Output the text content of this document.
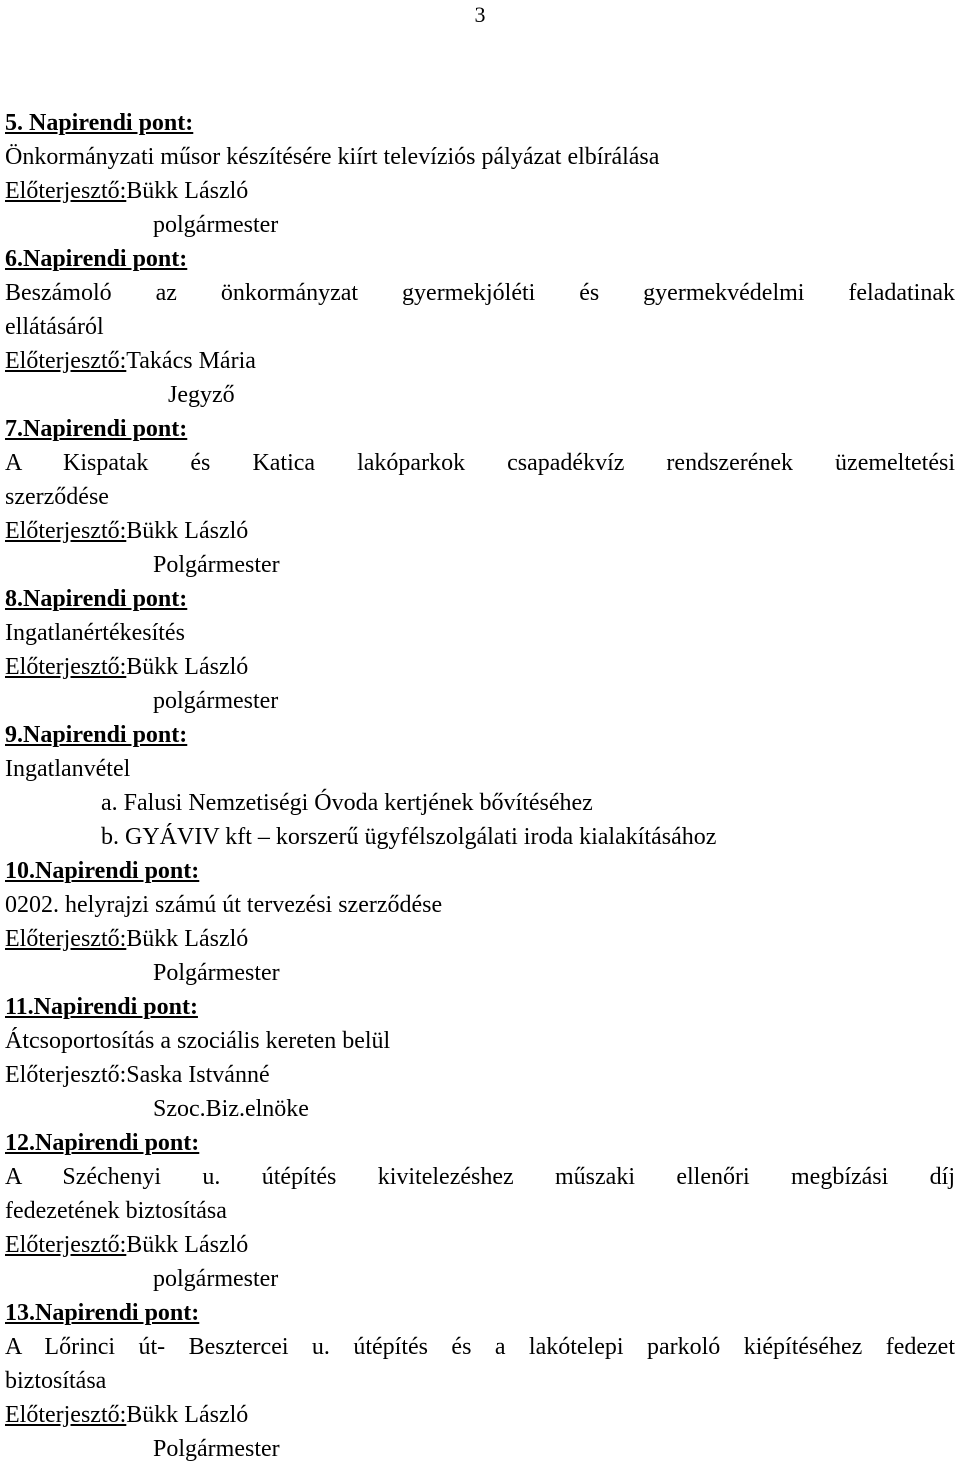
3
5. Napirendi pont:
Önkormányzati műsor készítésére kiírt televíziós pályázat elbírálása
Előterjesztő:Bükk László
polgármester
6.Napirendi pont:
Beszámoló az önkormányzat gyermekjóléti és gyermekvédelmi feladatinak
ellátásáról
Előterjesztő:Takács Mária
Jegyző
7.Napirendi pont:
A Kispatak és Katica lakóparkok csapadékvíz rendszerének üzemeltetési
szerződése
Előterjesztő:Bükk László
Polgármester
8.Napirendi pont:
Ingatlanértékesítés
Előterjesztő:Bükk László
polgármester
9.Napirendi pont:
Ingatlanvétel
a. Falusi Nemzetiségi Óvoda kertjének bővítéséhez
b. GYÁVIV kft – korszerű ügyfélszolgálati iroda kialakításához
10.Napirendi pont:
0202. helyrajzi számú út tervezési szerződése
Előterjesztő:Bükk László
Polgármester
11.Napirendi pont:
Átcsoportosítás a szociális kereten belül
Előterjesztő:Saska Istvánné
Szoc.Biz.elnöke
12.Napirendi pont:
A Széchenyi u. útépítés kivitelezéshez műszaki ellenőri megbízási díj
fedezetének biztosítása
Előterjesztő:Bükk László
polgármester
13.Napirendi pont:
A Lőrinci út- Besztercei u. útépítés és a lakótelepi parkoló kiépítéséhez fedezet
biztosítása
Előterjesztő:Bükk László
Polgármester
